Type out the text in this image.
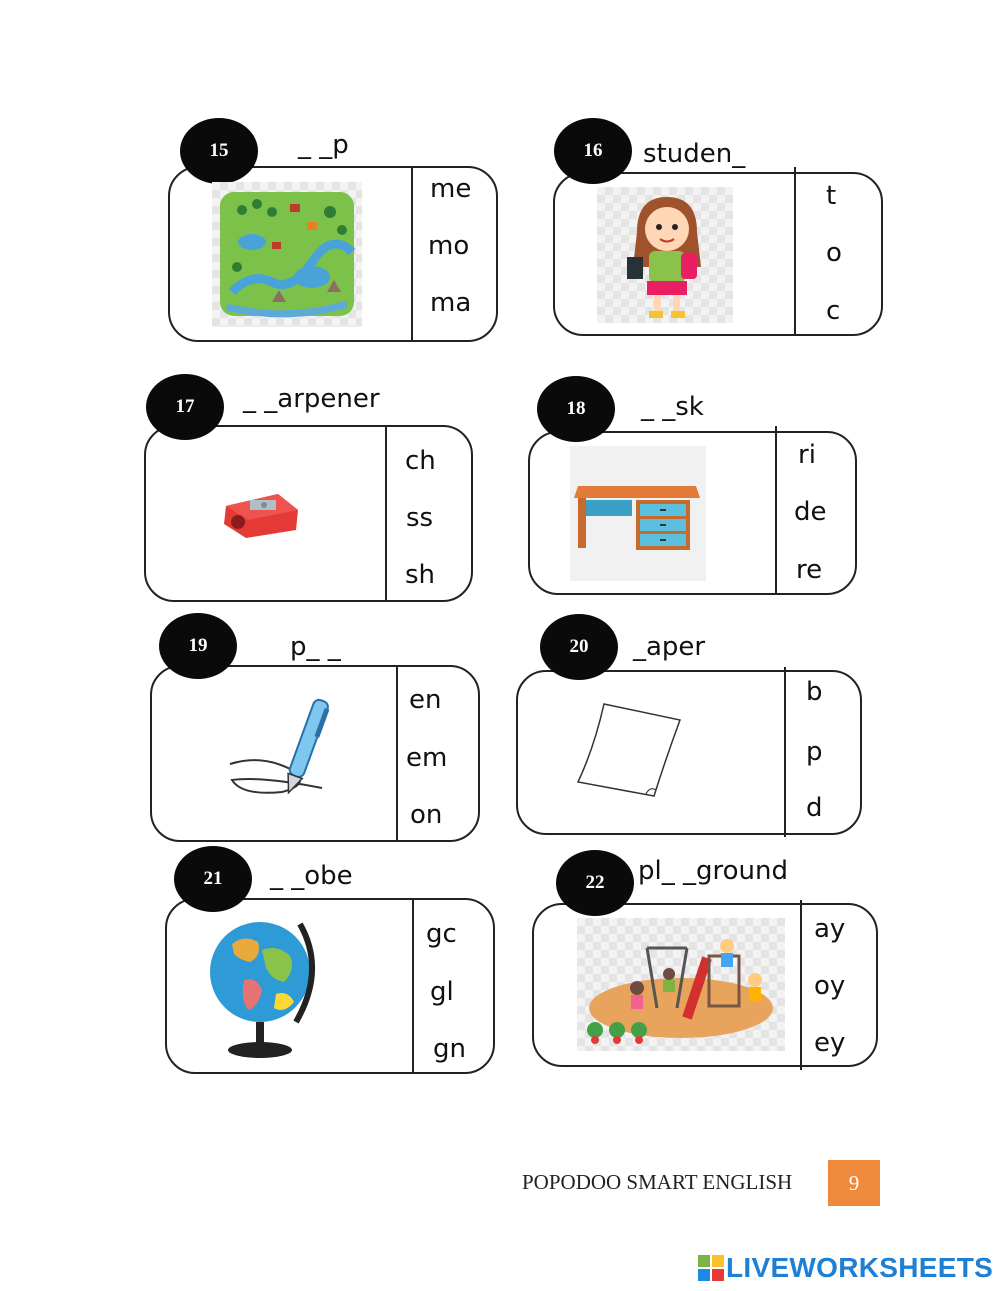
15	_ _p
me
mo
ma
16	studen_
t
o
c
17	_ _arpener
ch
ss
sh
18	_ _sk
ri
de
re
19	p_ _
en
em
on
20	_aper
b
p
d
21	_ _obe
gc
gl
gn
22	pl_ _ground
ay
oy
ey
POPODOO SMART ENGLISH	9
LIVEWORKSHEETS
